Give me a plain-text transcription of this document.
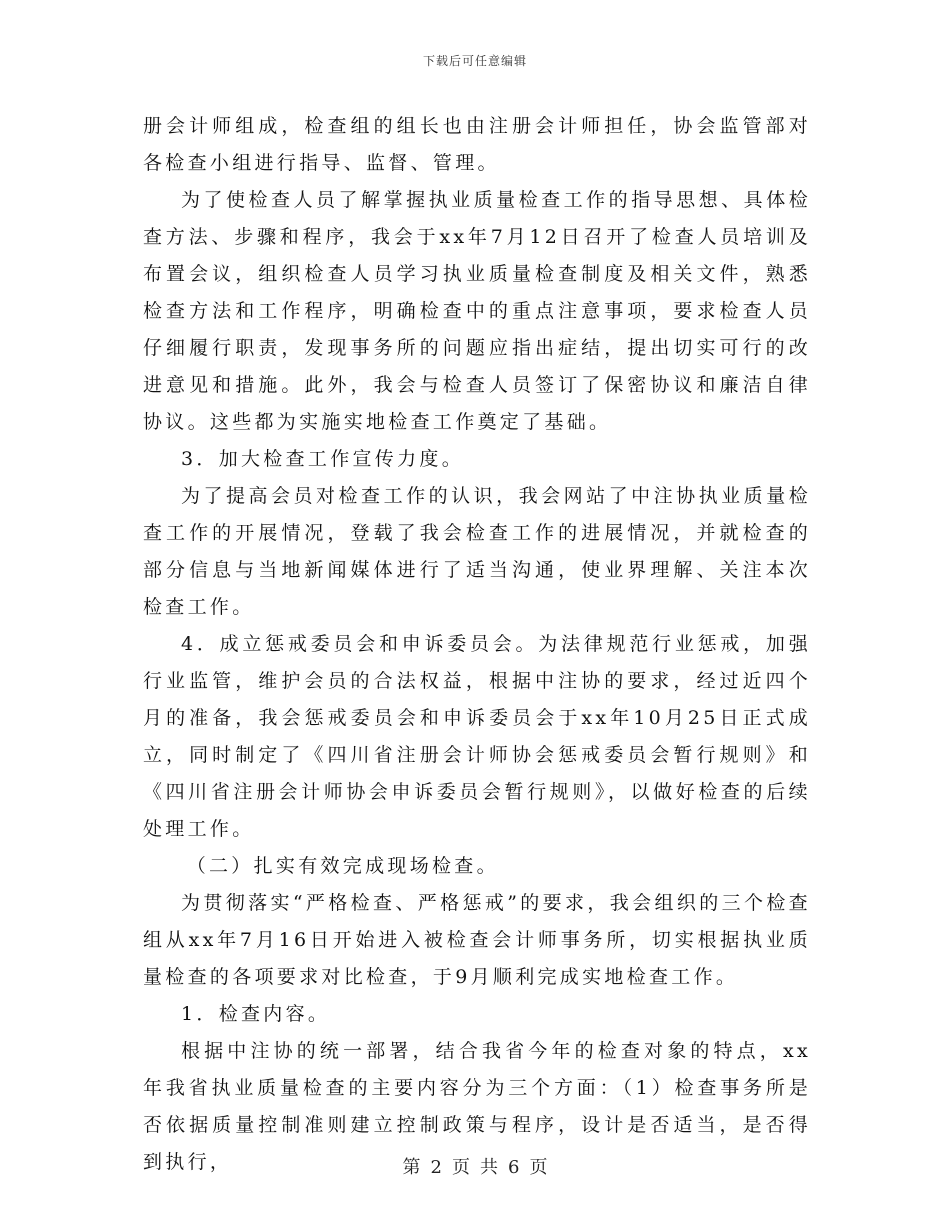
下载后可任意编辑

册会计师组成，检查组的组长也由注册会计师担任，协会监管部对各检查小组进行指导、监督、管理。

为了使检查人员了解掌握执业质量检查工作的指导思想、具体检查方法、步骤和程序，我会于xx年7月12日召开了检查人员培训及布置会议，组织检查人员学习执业质量检查制度及相关文件，熟悉检查方法和工作程序，明确检查中的重点注意事项，要求检查人员仔细履行职责，发现事务所的问题应指出症结，提出切实可行的改进意见和措施。此外，我会与检查人员签订了保密协议和廉洁自律协议。这些都为实施实地检查工作奠定了基础。

3．加大检查工作宣传力度。

为了提高会员对检查工作的认识，我会网站了中注协执业质量检查工作的开展情况，登载了我会检查工作的进展情况，并就检查的部分信息与当地新闻媒体进行了适当沟通，使业界理解、关注本次检查工作。

4．成立惩戒委员会和申诉委员会。为法律规范行业惩戒，加强行业监管，维护会员的合法权益，根据中注协的要求，经过近四个月的准备，我会惩戒委员会和申诉委员会于xx年10月25日正式成立，同时制定了《四川省注册会计师协会惩戒委员会暂行规则》和《四川省注册会计师协会申诉委员会暂行规则》，以做好检查的后续处理工作。

（二）扎实有效完成现场检查。

为贯彻落实“严格检查、严格惩戒”的要求，我会组织的三个检查组从xx年7月16日开始进入被检查会计师事务所，切实根据执业质量检查的各项要求对比检查，于9月顺利完成实地检查工作。

1．检查内容。

根据中注协的统一部署，结合我省今年的检查对象的特点，xx年我省执业质量检查的主要内容分为三个方面：（1）检查事务所是否依据质量控制准则建立控制政策与程序，设计是否适当，是否得到执行，	第 2 页 共 6 页
